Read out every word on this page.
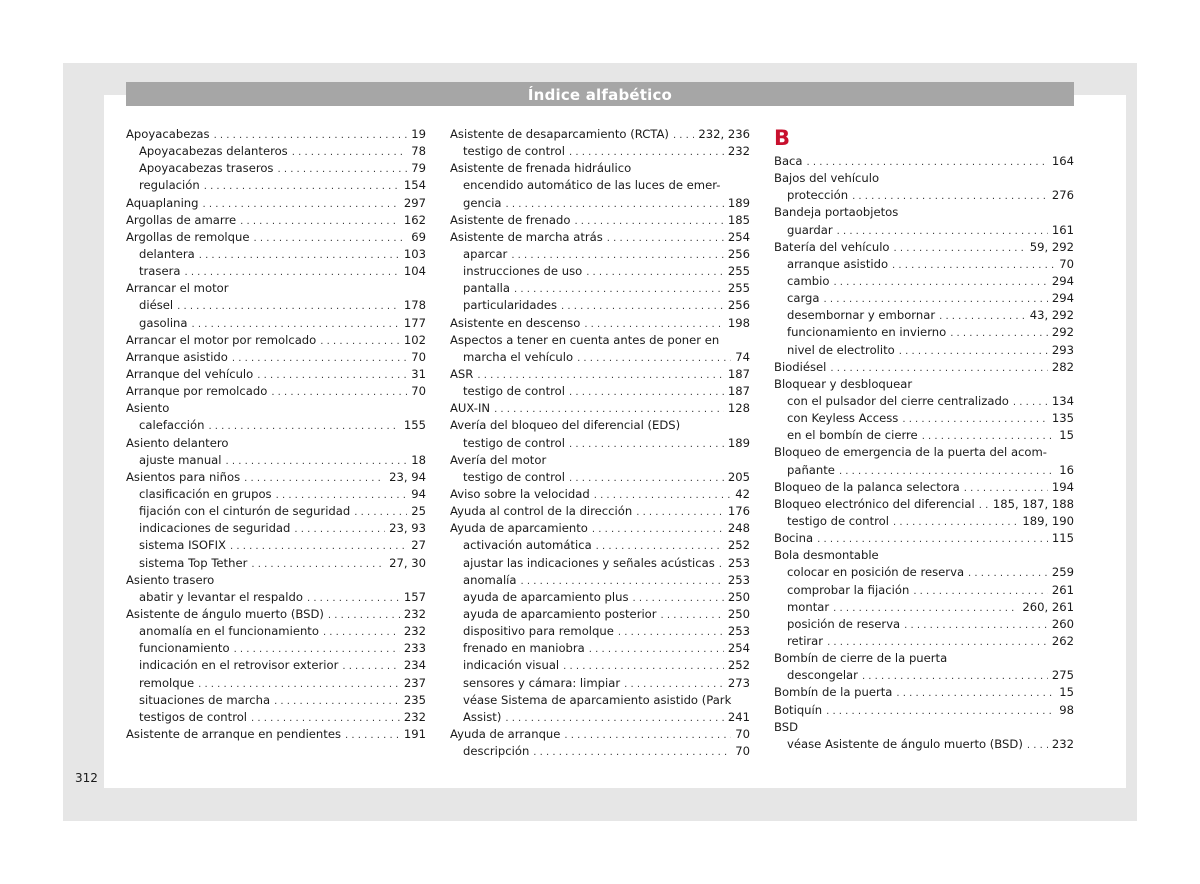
Índice alfabético
Apoyacabezas . . .	19
Apoyacabezas delanteros . . .	78
Apoyacabezas traseros . . .	79
regulación . . .	154
Aquaplaning . . .	297
Argollas de amarre . . .	162
Argollas de remolque . . .	69
delantera . . .	103
trasera . . .	104
Arrancar el motor
diésel . . .	178
gasolina . . .	177
Arrancar el motor por remolcado . . .	102
Arranque asistido . . .	70
Arranque del vehículo . . .	31
Arranque por remolcado . . .	70
Asiento
calefacción . . .	155
Asiento delantero
ajuste manual . . .	18
Asientos para niños . . .	23, 94
clasificación en grupos . . .	94
fijación con el cinturón de seguridad . . .	25
indicaciones de seguridad . . .	23, 93
sistema ISOFIX . . .	27
sistema Top Tether . . .	27, 30
Asiento trasero
abatir y levantar el respaldo . . .	157
Asistente de ángulo muerto (BSD) . . .	232
anomalía en el funcionamiento . . .	232
funcionamiento . . .	233
indicación en el retrovisor exterior . . .	234
remolque . . .	237
situaciones de marcha . . .	235
testigos de control . . .	232
Asistente de arranque en pendientes . . .	191
Asistente de desaparcamiento (RCTA) . . .	232, 236
testigo de control . . .	232
Asistente de frenada hidráulico
encendido automático de las luces de emer-
gencia . . .	189
Asistente de frenado . . .	185
Asistente de marcha atrás . . .	254
aparcar . . .	256
instrucciones de uso . . .	255
pantalla . . .	255
particularidades . . .	256
Asistente en descenso . . .	198
Aspectos a tener en cuenta antes de poner en
marcha el vehículo . . .	74
ASR . . .	187
testigo de control . . .	187
AUX-IN . . .	128
Avería del bloqueo del diferencial (EDS)
testigo de control . . .	189
Avería del motor
testigo de control . . .	205
Aviso sobre la velocidad . . .	42
Ayuda al control de la dirección . . .	176
Ayuda de aparcamiento . . .	248
activación automática . . .	252
ajustar las indicaciones y señales acústicas . . . 253
anomalía . . .	253
ayuda de aparcamiento plus . . .	250
ayuda de aparcamiento posterior . . .	250
dispositivo para remolque . . .	253
frenado en maniobra . . .	254
indicación visual . . .	252
sensores y cámara: limpiar . . .	273
véase Sistema de aparcamiento asistido (Park
Assist) . . .	241
Ayuda de arranque . . .	70
descripción . . .	70
B
Baca . . .	164
Bajos del vehículo
protección . . .	276
Bandeja portaobjetos
guardar . . .	161
Batería del vehículo . . .	59, 292
arranque asistido . . .	70
cambio . . .	294
carga . . .	294
desembornar y embornar . . .	43, 292
funcionamiento en invierno . . .	292
nivel de electrolito . . .	293
Biodiésel . . .	282
Bloquear y desbloquear
con el pulsador del cierre centralizado . . .	134
con Keyless Access . . .	135
en el bombín de cierre . . .	15
Bloqueo de emergencia de la puerta del acom-
pañante . . .	16
Bloqueo de la palanca selectora . . .	194
Bloqueo electrónico del diferencial . . . 185, 187, 188
testigo de control . . .	189, 190
Bocina . . .	115
Bola desmontable
colocar en posición de reserva . . .	259
comprobar la fijación . . .	261
montar . . .	260, 261
posición de reserva . . .	260
retirar . . .	262
Bombín de cierre de la puerta
descongelar . . .	275
Bombín de la puerta . . .	15
Botiquín . . .	98
BSD
véase Asistente de ángulo muerto (BSD) . . . 232
312
